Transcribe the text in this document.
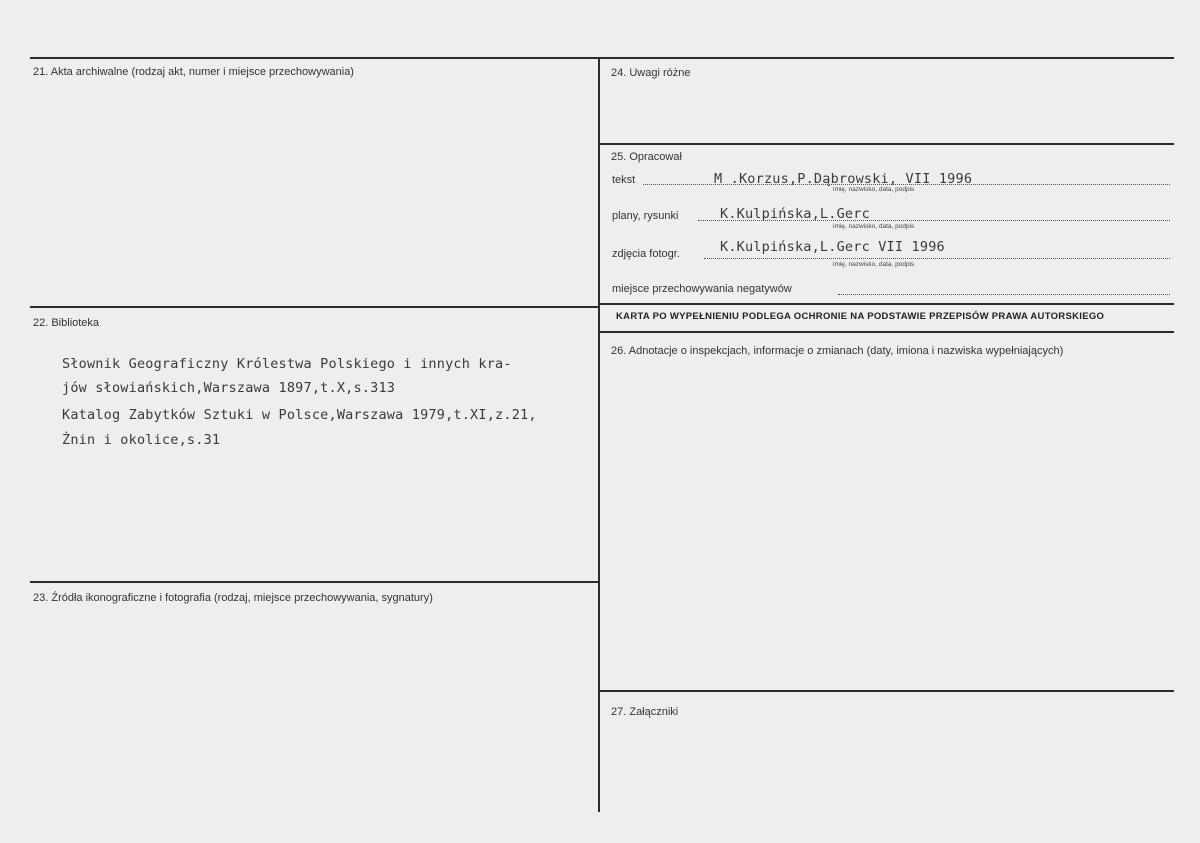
21. Akta archiwalne (rodzaj akt, numer i miejsce przechowywania)
22. Biblioteka
Słownik Geograficzny Królestwa Polskiego i innych kra-
jów słowiańskich,Warszawa 1897,t.X,s.313
Katalog Zabytków Sztuki w Polsce,Warszawa 1979,t.XI,z.21,
Żnin i okolice,s.31
23. Źródła ikonograficzne i fotografia (rodzaj, miejsce przechowywania, sygnatury)
24. Uwagi różne
25. Opracował
tekst	M .Korzus,P.Dąbrowski, VII 1996
imię, nazwisko, data, podpis
plany, rysunki	K.Kulpińska,L.Gerc
imię, nazwisko, data, podpis
zdjęcia fotogr.	K.Kulpińska,L.Gerc VII 1996
imię, nazwisko, data, podpis
miejsce przechowywania negatywów
KARTA PO WYPEŁNIENIU PODLEGA OCHRONIE NA PODSTAWIE PRZEPISÓW PRAWA AUTORSKIEGO
26. Adnotacje o inspekcjach, informacje o zmianach (daty, imiona i nazwiska wypełniających)
27. Załączniki
